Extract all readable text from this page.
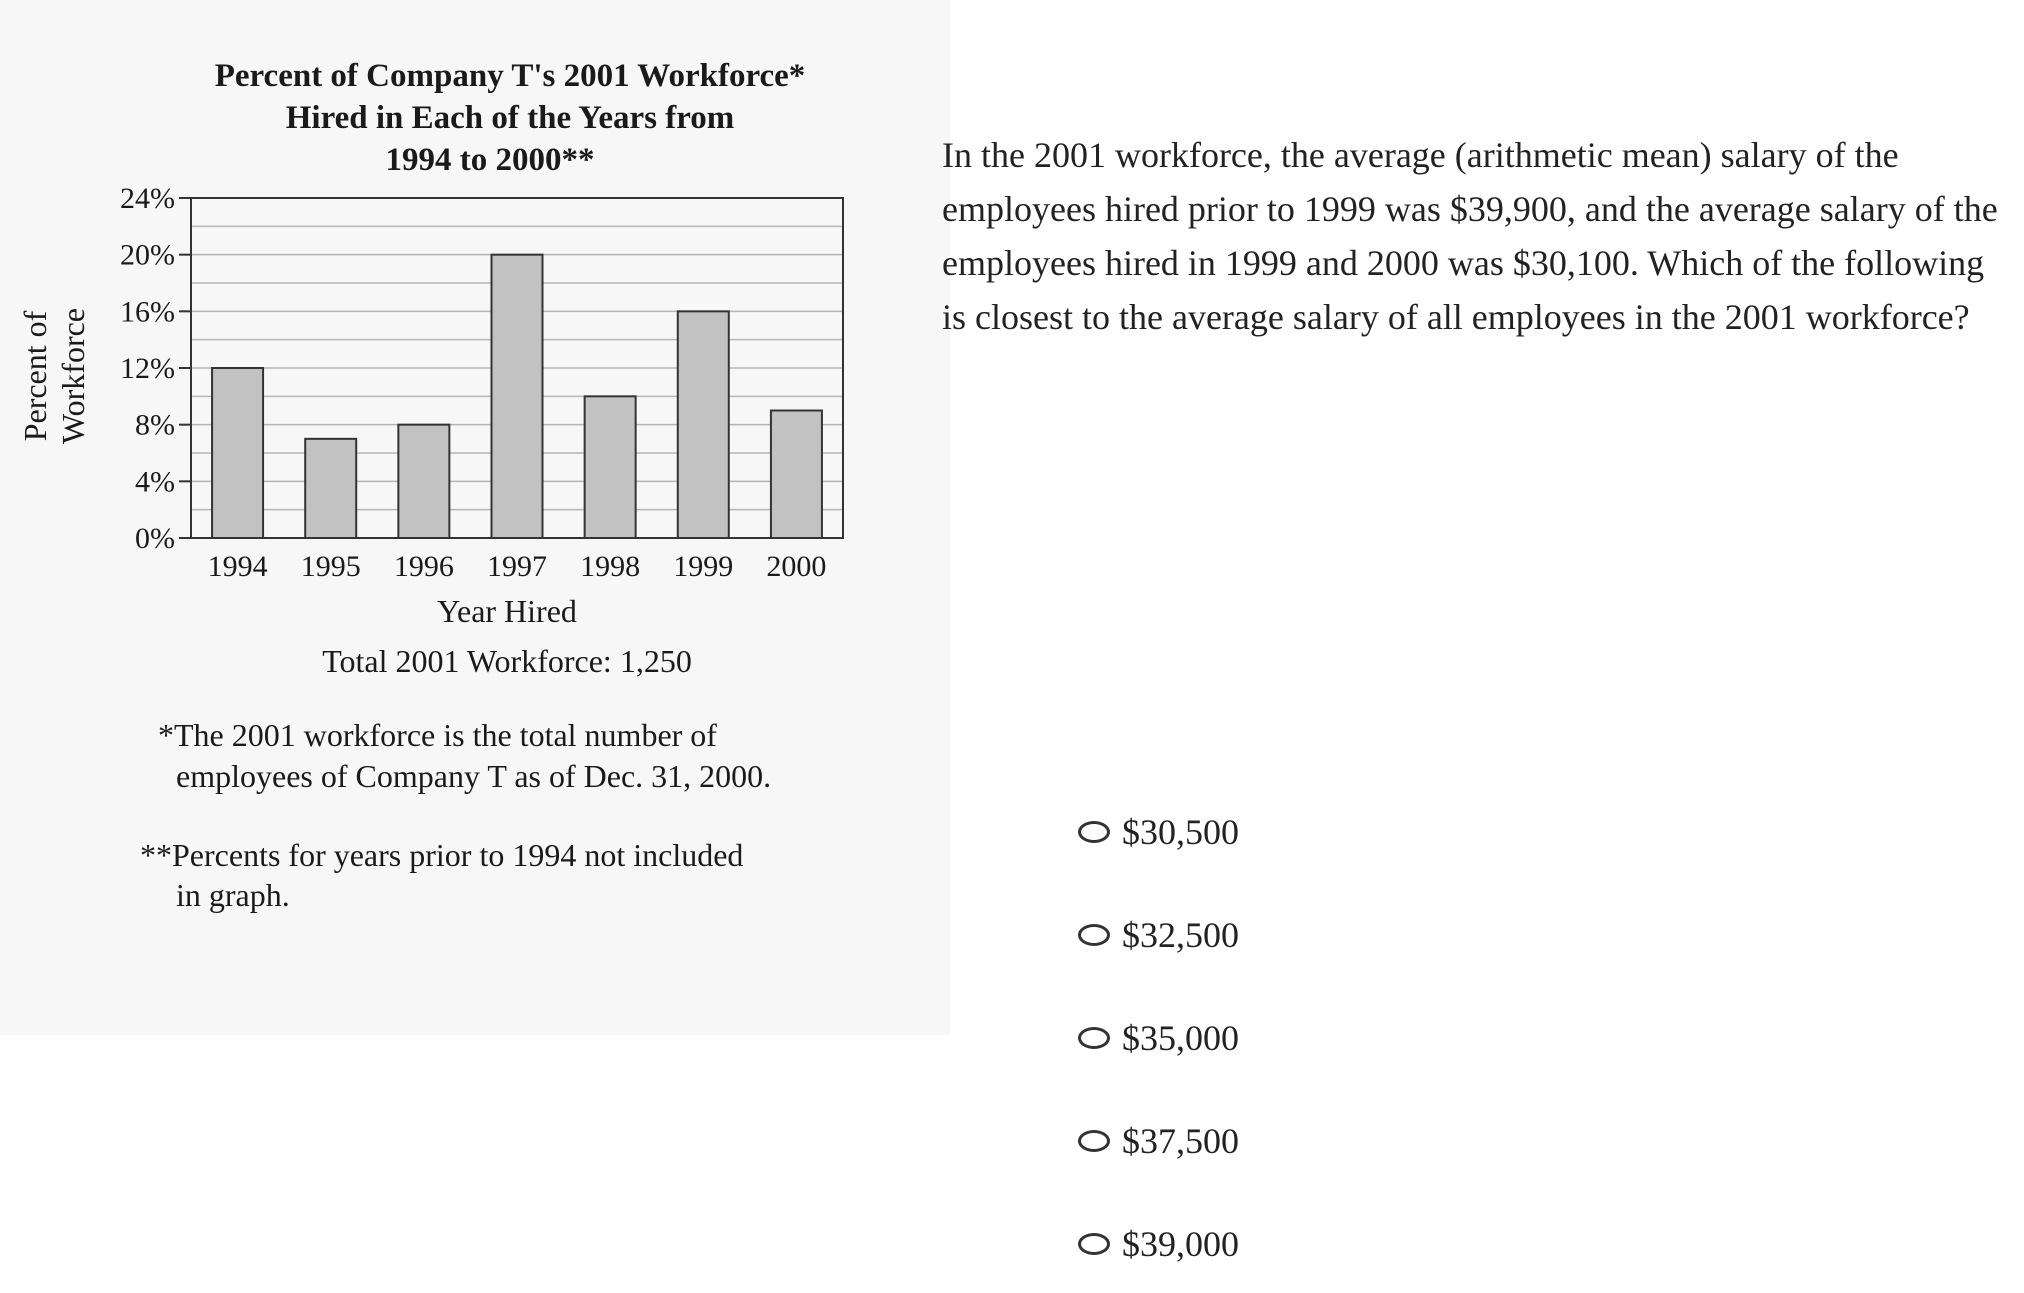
Percent of Company T's 2001 Workforce*
Hired in Each of the Years from
1994 to 2000**
0%
4%
8%
12%
16%
20%
24%
1994 1995 1996 1997 1998 1999 2000
Percent of Workforce
Year Hired
Total 2001 Workforce: 1,250
*The 2001 workforce is the total number of
employees of Company T as of Dec. 31, 2000.
**Percents for years prior to 1994 not included
in graph.
In the 2001 workforce, the average (arithmetic mean) salary of the employees hired prior to 1999 was $39,900, and the average salary of the employees hired in 1999 and 2000 was $30,100. Which of the following is closest to the average salary of all employees in the 2001 workforce?
$30,500
$32,500
$35,000
$37,500
$39,000
